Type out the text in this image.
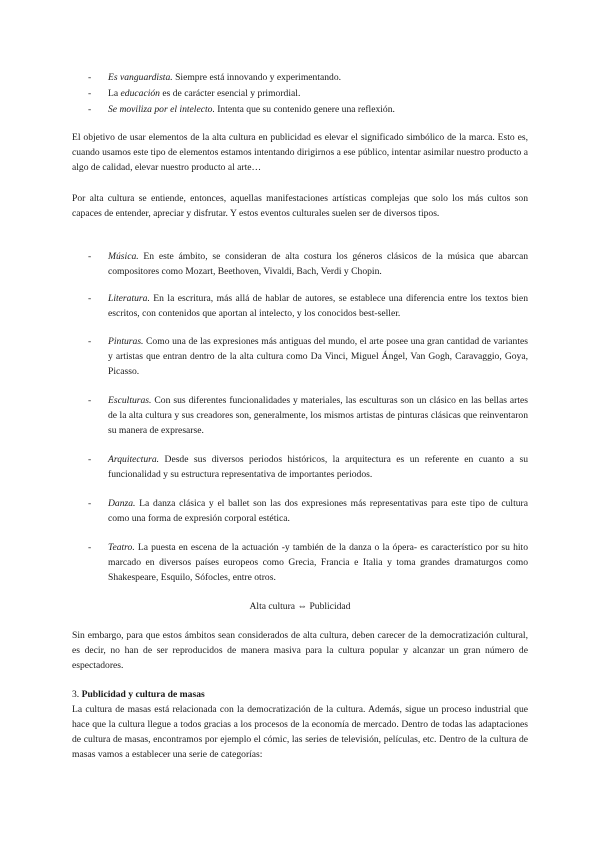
- Es vanguardista. Siempre está innovando y experimentando.
- La educación es de carácter esencial y primordial.
- Se moviliza por el intelecto. Intenta que su contenido genere una reflexión.

El objetivo de usar elementos de la alta cultura en publicidad es elevar el significado simbólico de la marca. Esto es, cuando usamos este tipo de elementos estamos intentando dirigirnos a ese público, intentar asimilar nuestro producto a algo de calidad, elevar nuestro producto al arte…

Por alta cultura se entiende, entonces, aquellas manifestaciones artísticas complejas que solo los más cultos son capaces de entender, apreciar y disfrutar. Y estos eventos culturales suelen ser de diversos tipos.

- Música. En este ámbito, se consideran de alta costura los géneros clásicos de la música que abarcan compositores como Mozart, Beethoven, Vivaldi, Bach, Verdi y Chopin.
- Literatura. En la escritura, más allá de hablar de autores, se establece una diferencia entre los textos bien escritos, con contenidos que aportan al intelecto, y los conocidos best-seller.
- Pinturas. Como una de las expresiones más antiguas del mundo, el arte posee una gran cantidad de variantes y artistas que entran dentro de la alta cultura como Da Vinci, Miguel Ángel, Van Gogh, Caravaggio, Goya, Picasso.
- Esculturas. Con sus diferentes funcionalidades y materiales, las esculturas son un clásico en las bellas artes de la alta cultura y sus creadores son, generalmente, los mismos artistas de pinturas clásicas que reinventaron su manera de expresarse.
- Arquitectura. Desde sus diversos periodos históricos, la arquitectura es un referente en cuanto a su funcionalidad y su estructura representativa de importantes periodos.
- Danza. La danza clásica y el ballet son las dos expresiones más representativas para este tipo de cultura como una forma de expresión corporal estética.
- Teatro. La puesta en escena de la actuación -y también de la danza o la ópera- es característico por su hito marcado en diversos países europeos como Grecia, Francia e Italia y toma grandes dramaturgos como Shakespeare, Esquilo, Sófocles, entre otros.
Alta cultura ⇔ Publicidad

Sin embargo, para que estos ámbitos sean considerados de alta cultura, deben carecer de la democratización cultural, es decir, no han de ser reproducidos de manera masiva para la cultura popular y alcanzar un gran número de espectadores.

3. Publicidad y cultura de masas

La cultura de masas está relacionada con la democratización de la cultura. Además, sigue un proceso industrial que hace que la cultura llegue a todos gracias a los procesos de la economía de mercado. Dentro de todas las adaptaciones de cultura de masas, encontramos por ejemplo el cómic, las series de televisión, películas, etc. Dentro de la cultura de masas vamos a establecer una serie de categorías:
